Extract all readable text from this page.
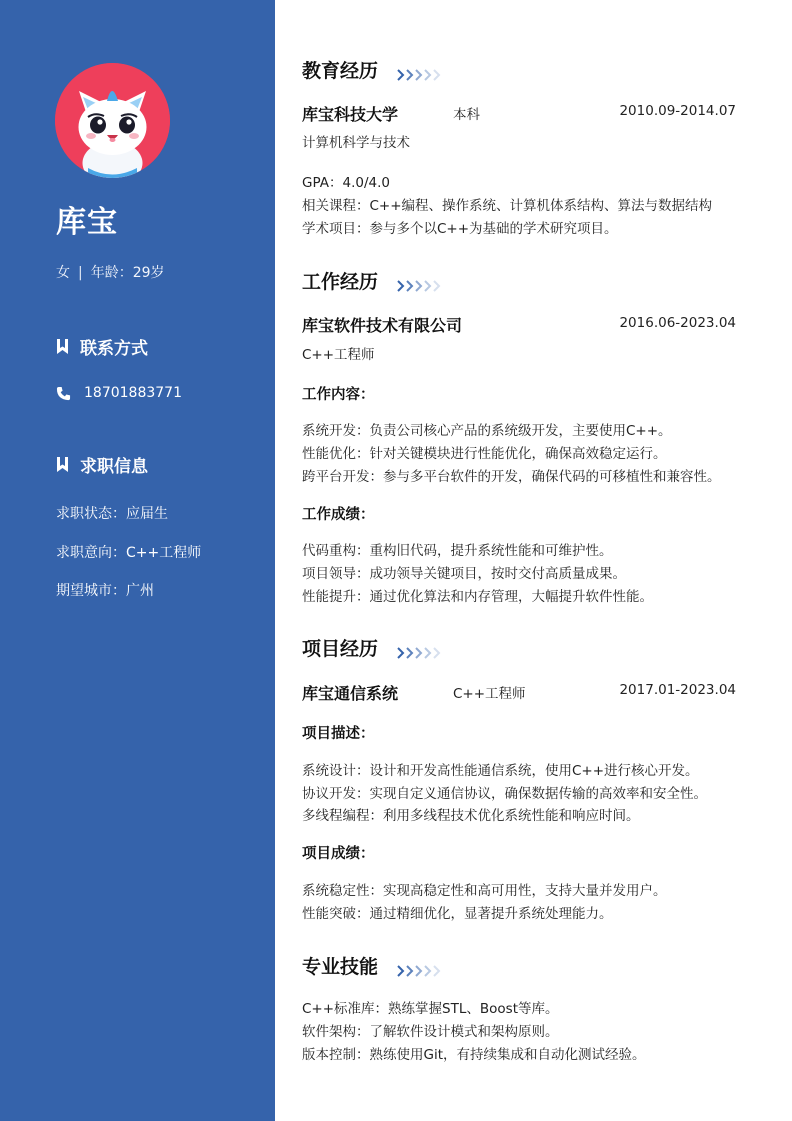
库宝
女 | 年龄：29岁
联系方式
18701883771
求职信息
求职状态：应届生
求职意向：C++工程师
期望城市：广州
教育经历
库宝科技大学	本科	2010.09-2014.07
计算机科学与技术
GPA：4.0/4.0
相关课程：C++编程、操作系统、计算机体系结构、算法与数据结构
学术项目：参与多个以C++为基础的学术研究项目。
工作经历
库宝软件技术有限公司	2016.06-2023.04
C++工程师
工作内容：
系统开发：负责公司核心产品的系统级开发，主要使用C++。
性能优化：针对关键模块进行性能优化，确保高效稳定运行。
跨平台开发：参与多平台软件的开发，确保代码的可移植性和兼容性。
工作成绩：
代码重构：重构旧代码，提升系统性能和可维护性。
项目领导：成功领导关键项目，按时交付高质量成果。
性能提升：通过优化算法和内存管理，大幅提升软件性能。
项目经历
库宝通信系统	C++工程师	2017.01-2023.04
项目描述：
系统设计：设计和开发高性能通信系统，使用C++进行核心开发。
协议开发：实现自定义通信协议，确保数据传输的高效率和安全性。
多线程编程：利用多线程技术优化系统性能和响应时间。
项目成绩：
系统稳定性：实现高稳定性和高可用性，支持大量并发用户。
性能突破：通过精细优化，显著提升系统处理能力。
专业技能
C++标准库：熟练掌握STL、Boost等库。
软件架构：了解软件设计模式和架构原则。
版本控制：熟练使用Git，有持续集成和自动化测试经验。
